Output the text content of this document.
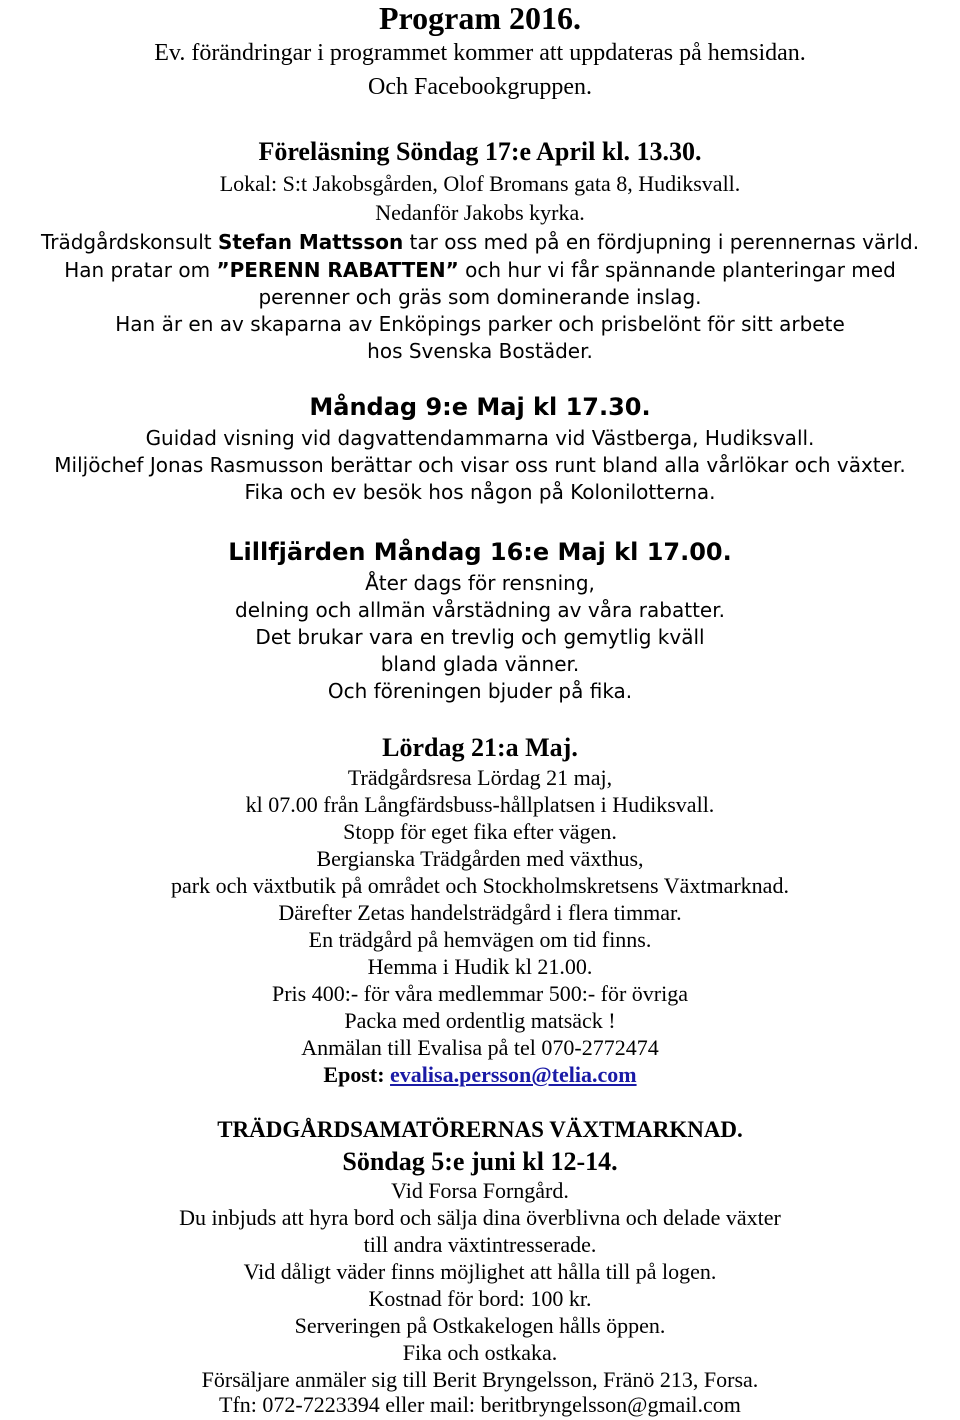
Program 2016.
Ev. förändringar i programmet kommer att uppdateras på hemsidan.
Och Facebookgruppen.
Föreläsning Söndag 17:e April kl. 13.30.
Lokal: S:t Jakobsgården, Olof Bromans gata 8, Hudiksvall.
Nedanför Jakobs kyrka.
Trädgårdskonsult Stefan Mattsson tar oss med på en fördjupning i perennernas värld.
Han pratar om ”PERENN RABATTEN” och hur vi får spännande planteringar med
perenner och gräs som dominerande inslag.
Han är en av skaparna av Enköpings parker och prisbelönt för sitt arbete
hos Svenska Bostäder.
Måndag 9:e Maj kl 17.30.
Guidad visning vid dagvattendammarna vid Västberga, Hudiksvall.
Miljöchef Jonas Rasmusson berättar och visar oss runt bland alla vårlökar och växter.
Fika och ev besök hos någon på Kolonilotterna.
Lillfjärden Måndag 16:e Maj kl 17.00.
Åter dags för rensning,
delning och allmän vårstädning av våra rabatter.
Det brukar vara en trevlig och gemytlig kväll
bland glada vänner.
Och föreningen bjuder på fika.
Lördag 21:a Maj.
Trädgårdsresa Lördag 21 maj,
kl 07.00 från Långfärdsbuss-hållplatsen i Hudiksvall.
Stopp för eget fika efter vägen.
Bergianska Trädgården med växthus,
park och växtbutik på området och Stockholmskretsens Växtmarknad.
Därefter Zetas handelsträdgård i flera timmar.
En trädgård på hemvägen om tid finns.
Hemma i Hudik kl 21.00.
Pris 400:- för våra medlemmar 500:- för övriga
Packa med ordentlig matsäck !
Anmälan till Evalisa på tel 070-2772474
Epost: evalisa.persson@telia.com
TRÄDGÅRDSAMATÖRERNAS VÄXTMARKNAD.
Söndag 5:e juni kl 12-14.
Vid Forsa Forngård.
Du inbjuds att hyra bord och sälja dina överblivna och delade växter
till andra växtintresserade.
Vid dåligt väder finns möjlighet att hålla till på logen.
Kostnad för bord: 100 kr.
Serveringen på Ostkakelogen hålls öppen.
Fika och ostkaka.
Försäljare anmäler sig till Berit Bryngelsson, Fränö 213, Forsa.
Tfn: 072-7223394 eller mail: beritbryngelsson@gmail.com
